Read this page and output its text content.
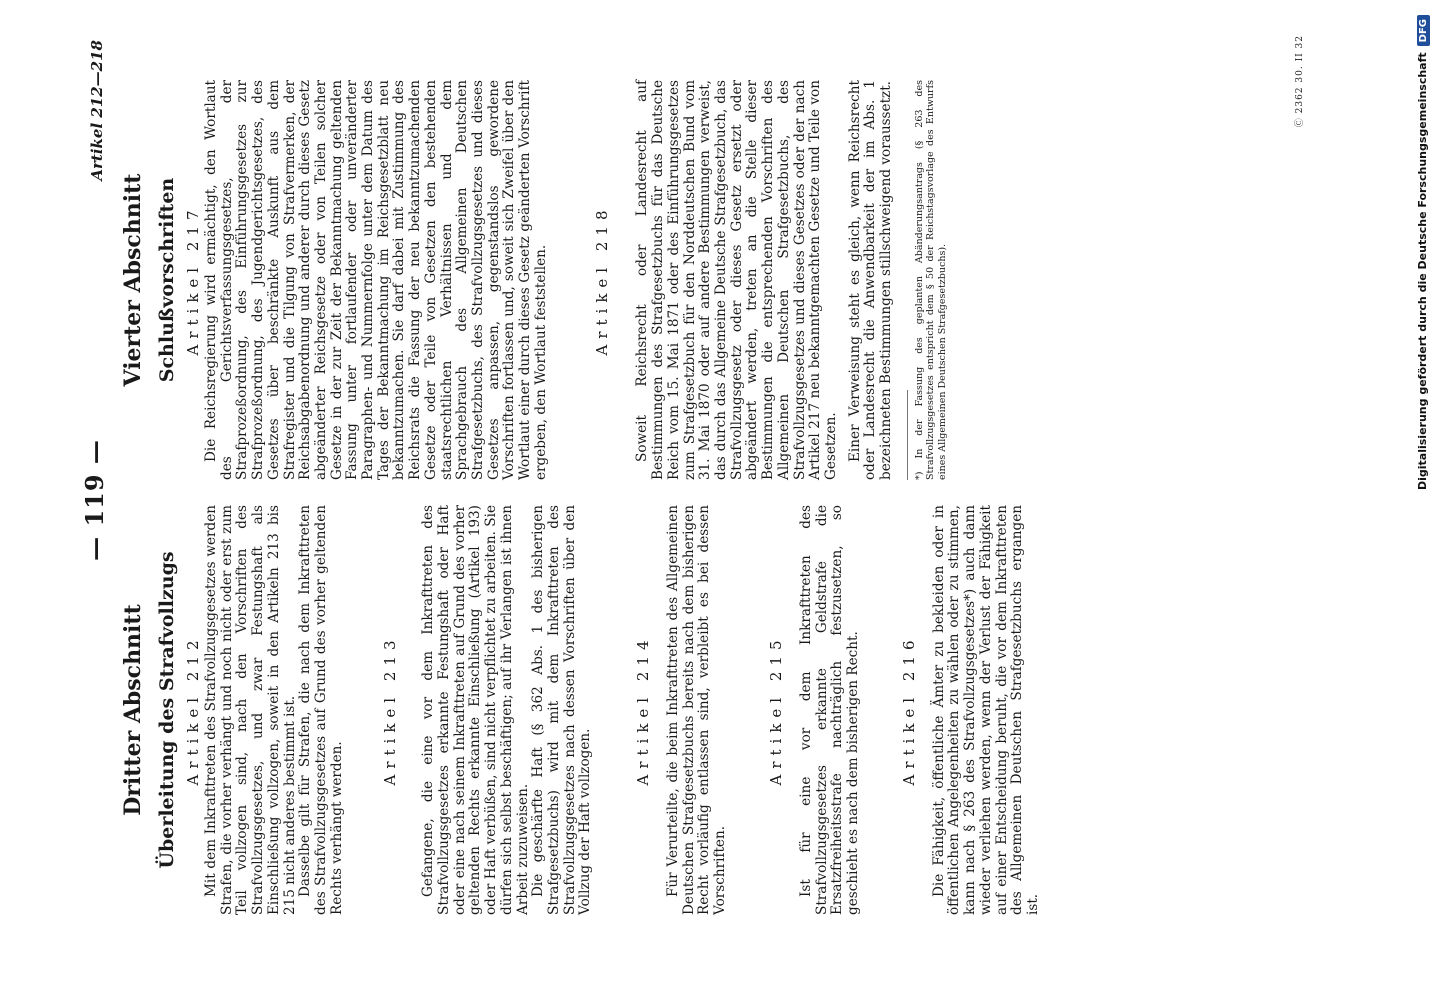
— 119 —
Artikel 212—218
Dritter Abschnitt Überleitung des Strafvollzugs Artikel 212 Mit dem Inkrafttreten des Strafvollzugsgesetzes werden Strafen, die vorher verhängt und noch nicht oder erst zum Teil vollzogen sind, nach den Vorschriften des Strafvollzugsgesetzes, und zwar Festungshaft als Einschließung vollzogen, soweit in den Artikeln 213 bis 215 nicht anderes bestimmt ist. Dasselbe gilt für Strafen, die nach dem Inkrafttreten des Strafvollzugsgesetzes auf Grund des vorher geltenden Rechts verhängt werden.

Artikel 213 Gefangene, die eine vor dem Inkrafttreten des Strafvollzugsgesetzes erkannte Festungshaft oder Haft oder eine nach seinem Inkrafttreten auf Grund des vorher geltenden Rechts erkannte Einschließung (Artikel 193) oder Haft verbüßen, sind nicht verpflichtet zu arbeiten. Sie dürfen sich selbst beschäftigen; auf ihr Verlangen ist ihnen Arbeit zuzuweisen. Die geschärfte Haft (§ 362 Abs. 1 des bisherigen Strafgesetzbuchs) wird mit dem Inkrafttreten des Strafvollzugsgesetzes nach dessen Vorschriften über den Vollzug der Haft vollzogen.

Artikel 214 Für Verurteilte, die beim Inkrafttreten des Allgemeinen Deutschen Strafgesetzbuchs bereits nach dem bisherigen Recht vorläufig entlassen sind, verbleibt es bei dessen Vorschriften.

Artikel 215 Ist für eine vor dem Inkrafttreten des Strafvollzugsgesetzes erkannte Geldstrafe die Ersatzfreiheitsstrafe nachträglich festzusetzen, so geschieht es nach dem bisherigen Recht.	Artikel 216 Die Fähigkeit, öffentliche Ämter zu bekleiden oder in öffentlichen Angelegenheiten zu wählen oder zu stimmen, kann nach § 263 des Strafvollzugsgesetzes*) auch dann wieder verliehen werden, wenn der Verlust der Fähigkeit auf einer Entscheidung beruht, die vor dem Inkrafttreten des Allgemeinen Deutschen Strafgesetzbuchs ergangen ist.

Vierter Abschnitt Schlußvorschriften Artikel 217 Die Reichsregierung wird ermächtigt, den Wortlaut des Gerichtsverfassungsgesetzes, der Strafprozeßordnung, des Einführungsgesetzes zur Strafprozeßordnung, des Jugendgerichtsgesetzes, des Gesetzes über beschränkte Auskunft aus dem Strafregister und die Tilgung von Strafvermerken, der Reichsabgabenordnung und anderer durch dieses Gesetz abgeänderter Reichsgesetze oder von Teilen solcher Gesetze in der zur Zeit der Bekanntmachung geltenden Fassung unter fortlaufender oder unveränderter Paragraphen- und Nummernfolge unter dem Datum des Tages der Bekanntmachung im Reichsgesetzblatt neu bekanntzumachen. Sie darf dabei mit Zustimmung des Reichsrats die Fassung der neu bekanntzumachenden Gesetze oder Teile von Gesetzen den bestehenden staatsrechtlichen Verhältnissen und dem Sprachgebrauch des Allgemeinen Deutschen Strafgesetzbuchs, des Strafvollzugsgesetzes und dieses Gesetzes anpassen, gegenstandslos gewordene Vorschriften fortlassen und, soweit sich Zweifel über den Wortlaut einer durch dieses Gesetz geänderten Vorschrift ergeben, den Wortlaut feststellen.	Artikel 218 Soweit Reichsrecht oder Landesrecht auf Bestimmungen des Strafgesetzbuchs für das Deutsche Reich vom 15. Mai 1871 oder des Einführungsgesetzes zum Strafgesetzbuch für den Norddeutschen Bund vom 31. Mai 1870 oder auf andere Bestimmungen verweist, das durch das Allgemeine Deutsche Strafgesetzbuch, das Strafvollzugsgesetz oder dieses Gesetz ersetzt oder abgeändert werden, treten an die Stelle dieser Bestimmungen die entsprechenden Vorschriften des Allgemeinen Deutschen Strafgesetzbuchs, des Strafvollzugsgesetzes und dieses Gesetzes oder der nach Artikel 217 neu bekanntgemachten Gesetze und Teile von Gesetzen. Einer Verweisung steht es gleich, wenn Reichsrecht oder Landesrecht die Anwendbarkeit der im Abs. 1 bezeichneten Bestimmungen stillschweigend voraussetzt. *) In der Fassung des geplanten Abänderungsantrags (§ 263 des Strafvollzugsgesetzes entspricht dem § 50 der Reichstagsvorlage des Entwurfs eines Allgemeinen Deutschen Strafgesetzbuchs).
Ⓒ 2362 30. II 32	Digitalisierung gefördert durch die Deutsche ForschungsgemeinschaftDFG
